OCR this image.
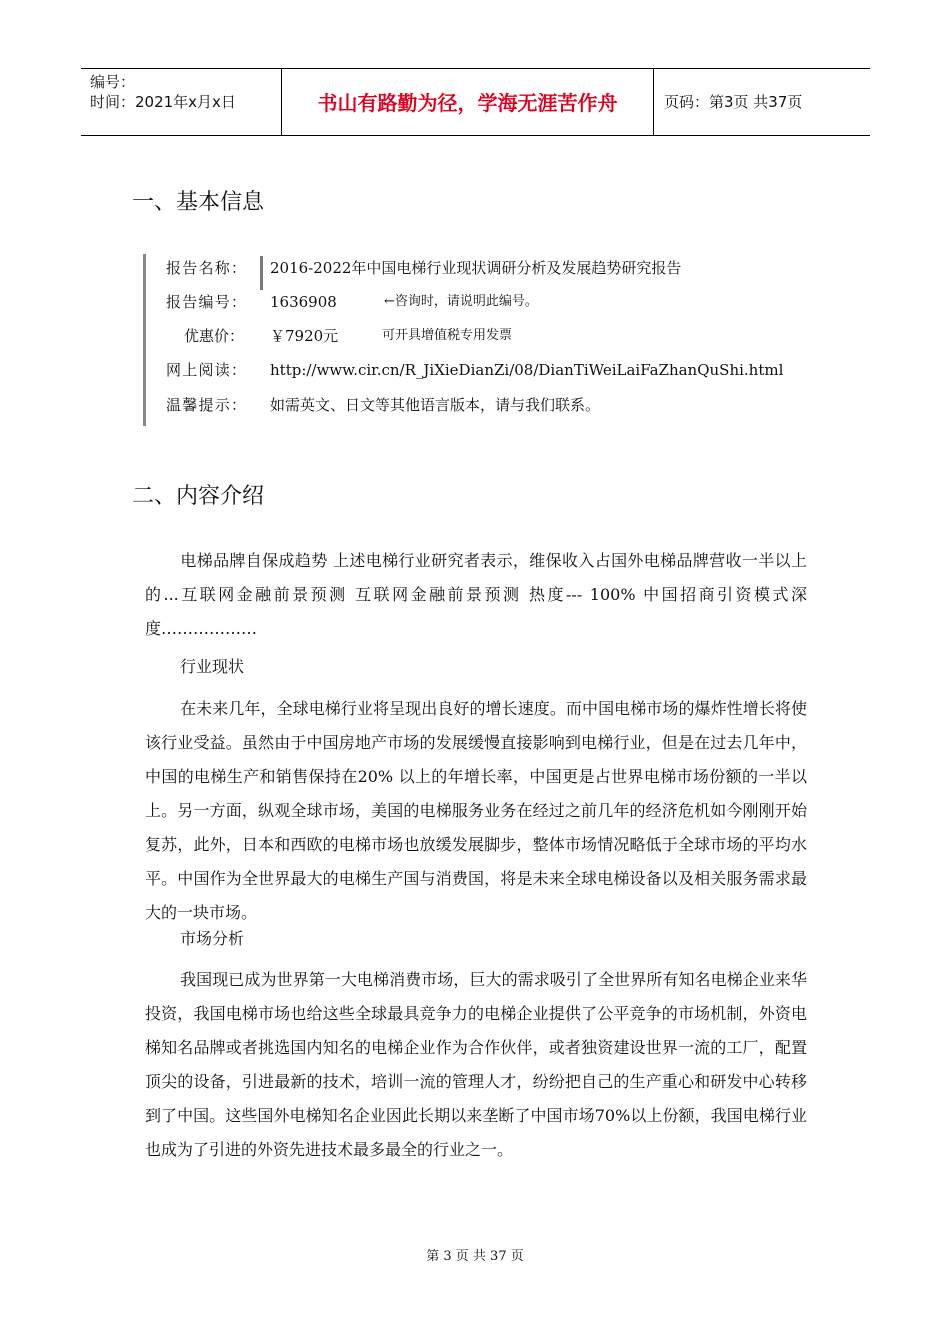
编号：
时间：2021年x月x日	书山有路勤为径，学海无涯苦作舟	页码：第3页 共37页
一、基本信息
报告名称： 2016-2022年中国电梯行业现状调研分析及发展趋势研究报告
报告编号： 1636908	←咨询时，请说明此编号。
优惠价： ￥7920元	可开具增值税专用发票
网上阅读： http://www.cir.cn/R_JiXieDianZi/08/DianTiWeiLaiFaZhanQuShi.html
温馨提示： 如需英文、日文等其他语言版本，请与我们联系。
二、内容介绍

电梯品牌自保成趋势 上述电梯行业研究者表示，维保收入占国外电梯品牌营收一半以上的...互联网金融前景预测 互联网金融前景预测 热度--- 100% 中国招商引资模式深度………………

行业现状

在未来几年，全球电梯行业将呈现出良好的增长速度。而中国电梯市场的爆炸性增长将使该行业受益。虽然由于中国房地产市场的发展缓慢直接影响到电梯行业，但是在过去几年中，中国的电梯生产和销售保持在20% 以上的年增长率，中国更是占世界电梯市场份额的一半以上。另一方面，纵观全球市场，美国的电梯服务业务在经过之前几年的经济危机如今刚刚开始复苏，此外，日本和西欧的电梯市场也放缓发展脚步，整体市场情况略低于全球市场的平均水平。中国作为全世界最大的电梯生产国与消费国，将是未来全球电梯设备以及相关服务需求最大的一块市场。

市场分析

我国现已成为世界第一大电梯消费市场，巨大的需求吸引了全世界所有知名电梯企业来华投资，我国电梯市场也给这些全球最具竞争力的电梯企业提供了公平竞争的市场机制，外资电梯知名品牌或者挑选国内知名的电梯企业作为合作伙伴，或者独资建设世界一流的工厂，配置顶尖的设备，引进最新的技术，培训一流的管理人才，纷纷把自己的生产重心和研发中心转移到了中国。这些国外电梯知名企业因此长期以来垄断了中国市场70%以上份额，我国电梯行业也成为了引进的外资先进技术最多最全的行业之一。

第 3 页 共 37 页
